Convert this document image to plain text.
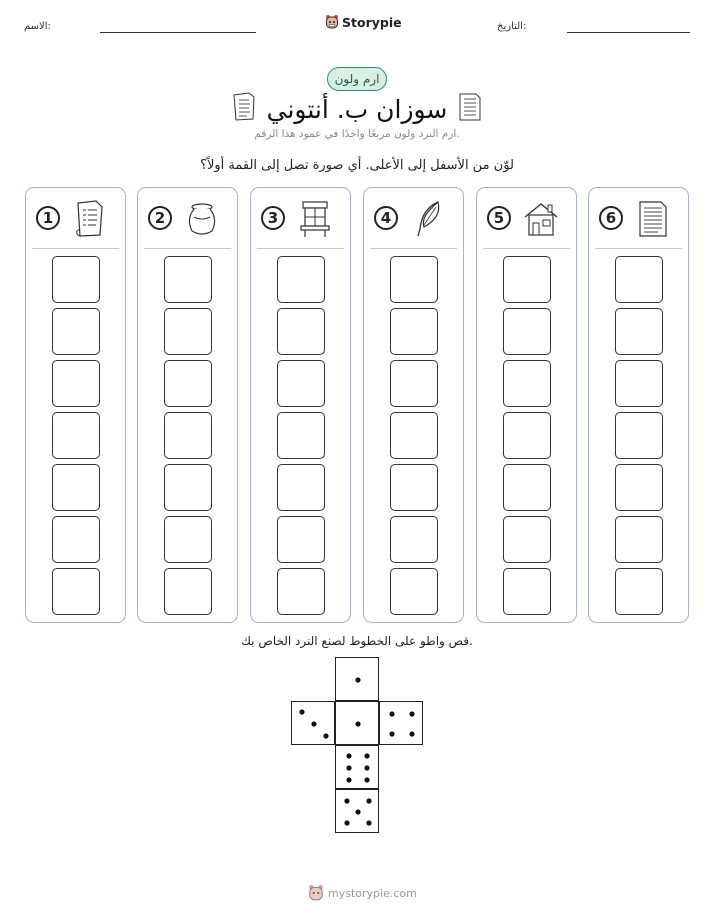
الاسم:	Storypie	التاريخ:
ارم ولون
سوزان ب. أنتوني
ارم النرد ولون مربعًا واحدًا في عمود هذا الرقم.
لوّن من الأسفل إلى الأعلى. أي صورة تصل إلى القمة أولاً؟
1	2	3	4	5	6
قص واطو على الخطوط لصنع النرد الخاص بك.
mystorypie.com
